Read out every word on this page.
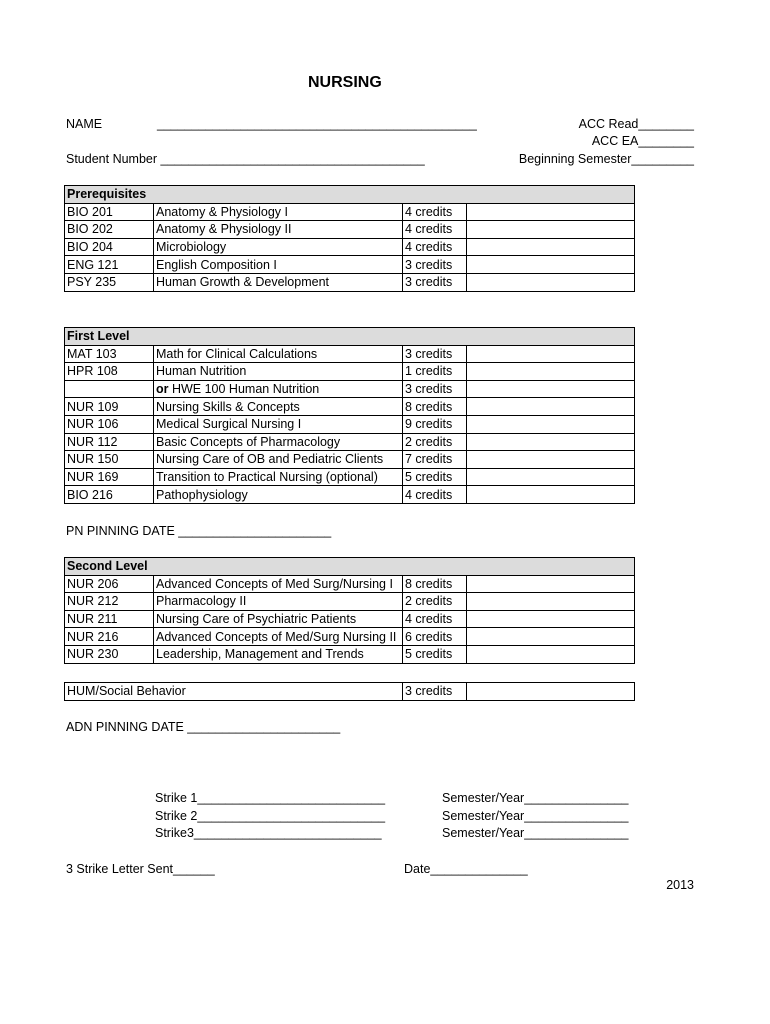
NURSING
NAME	______________________________________________
Student Number ______________________________________
ACC Read________
ACC EA________
Beginning Semester_________
Prerequisites			
BIO 201	Anatomy & Physiology I	4 credits	
BIO 202	Anatomy & Physiology II	4 credits	
BIO 204	Microbiology	4 credits	
ENG 121	English Composition I	3 credits	
PSY 235	Human Growth & Development	3 credits	
First Level			
MAT 103	Math for Clinical Calculations	3 credits	
HPR 108	Human Nutrition	1 credits	
	or HWE 100 Human Nutrition	3 credits	
NUR 109	Nursing Skills & Concepts	8 credits	
NUR 106	Medical Surgical Nursing I	9 credits	
NUR 112	Basic Concepts of Pharmacology	2 credits	
NUR 150	Nursing Care of OB and Pediatric Clients	7 credits	
NUR 169	Transition to Practical Nursing (optional)	5 credits	
BIO 216	Pathophysiology	4 credits	
PN PINNING DATE ______________________
Second Level			
NUR 206	Advanced Concepts of Med Surg/Nursing I	8 credits	
NUR 212	Pharmacology II	2 credits	
NUR 211	Nursing Care of Psychiatric Patients	4 credits	
NUR 216	Advanced Concepts of Med/Surg Nursing II	6 credits	
NUR 230	Leadership, Management and Trends	5 credits	
HUM/Social Behavior	3 credits	
ADN PINNING DATE ______________________
Strike 1___________________________
Strike 2___________________________
Strike3___________________________
Semester/Year_______________
Semester/Year_______________
Semester/Year_______________
3 Strike Letter Sent______	Date______________
2013
